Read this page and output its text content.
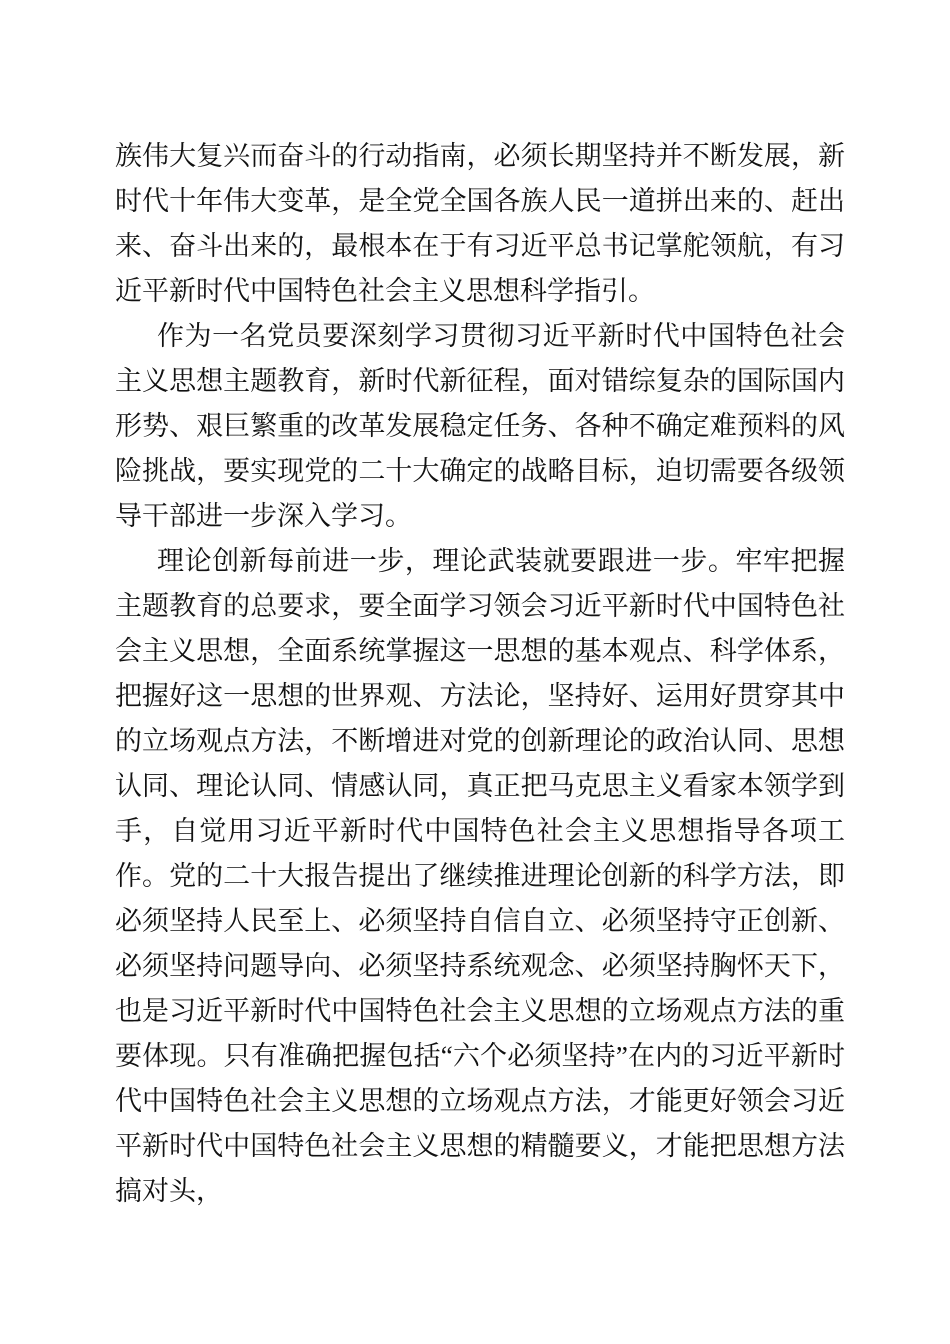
族伟大复兴而奋斗的行动指南，必须长期坚持并不断发展，新时代十年伟大变革，是全党全国各族人民一道拼出来的、赶出来、奋斗出来的，最根本在于有习近平总书记掌舵领航，有习近平新时代中国特色社会主义思想科学指引。

作为一名党员要深刻学习贯彻习近平新时代中国特色社会主义思想主题教育，新时代新征程，面对错综复杂的国际国内形势、艰巨繁重的改革发展稳定任务、各种不确定难预料的风险挑战，要实现党的二十大确定的战略目标，迫切需要各级领导干部进一步深入学习。

理论创新每前进一步，理论武装就要跟进一步。牢牢把握主题教育的总要求，要全面学习领会习近平新时代中国特色社会主义思想，全面系统掌握这一思想的基本观点、科学体系，把握好这一思想的世界观、方法论，坚持好、运用好贯穿其中的立场观点方法，不断增进对党的创新理论的政治认同、思想认同、理论认同、情感认同，真正把马克思主义看家本领学到手，自觉用习近平新时代中国特色社会主义思想指导各项工作。党的二十大报告提出了继续推进理论创新的科学方法，即必须坚持人民至上、必须坚持自信自立、必须坚持守正创新、必须坚持问题导向、必须坚持系统观念、必须坚持胸怀天下，也是习近平新时代中国特色社会主义思想的立场观点方法的重要体现。只有准确把握包括“六个必须坚持”在内的习近平新时代中国特色社会主义思想的立场观点方法，才能更好领会习近平新时代中国特色社会主义思想的精髓要义，才能把思想方法搞对头，
